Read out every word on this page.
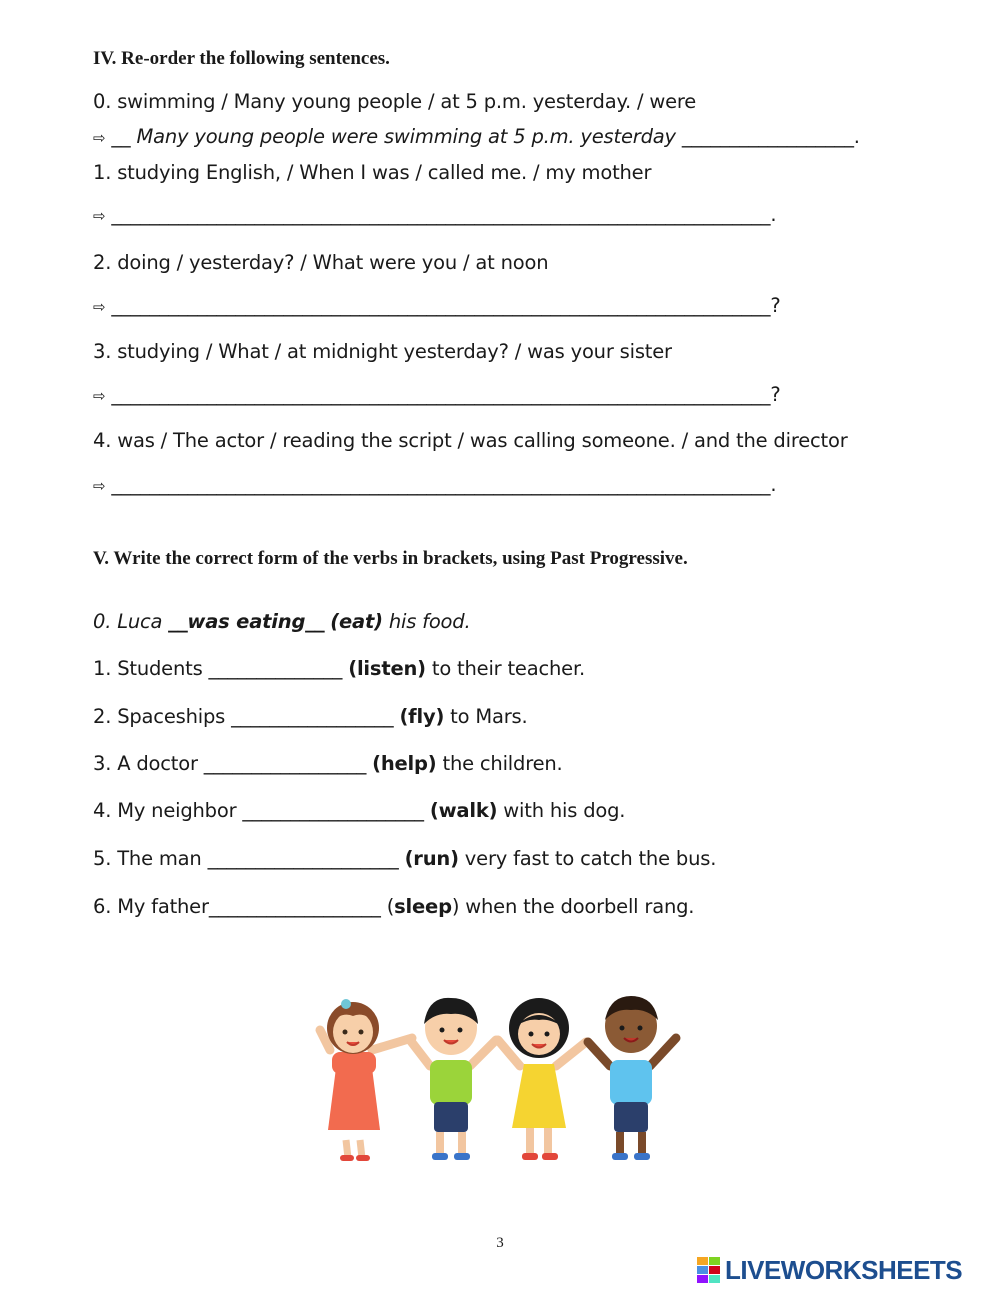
IV. Re-order the following sentences.
0. swimming / Many young people / at 5 p.m. yesterday. / were
⇨ __ Many young people were swimming at 5 p.m. yesterday __________________.
1. studying English, / When I was / called me. / my mother
⇨ _____________________________________________________________________.
2. doing / yesterday? / What were you / at noon
⇨ _____________________________________________________________________?
3. studying / What / at midnight yesterday? / was your sister
⇨ _____________________________________________________________________?
4. was / The actor / reading the script / was calling someone. / and the director
⇨ _____________________________________________________________________.
V. Write the correct form of the verbs in brackets, using Past Progressive.
0. Luca __was eating__ (eat) his food.
1. Students ______________ (listen) to their teacher.
2. Spaceships _________________ (fly) to Mars.
3. A doctor _________________ (help) the children.
4. My neighbor ___________________ (walk) with his dog.
5. The man ____________________ (run) very fast to catch the bus.
6. My father__________________ (sleep) when the doorbell rang.
3
LIVEWORKSHEETS
